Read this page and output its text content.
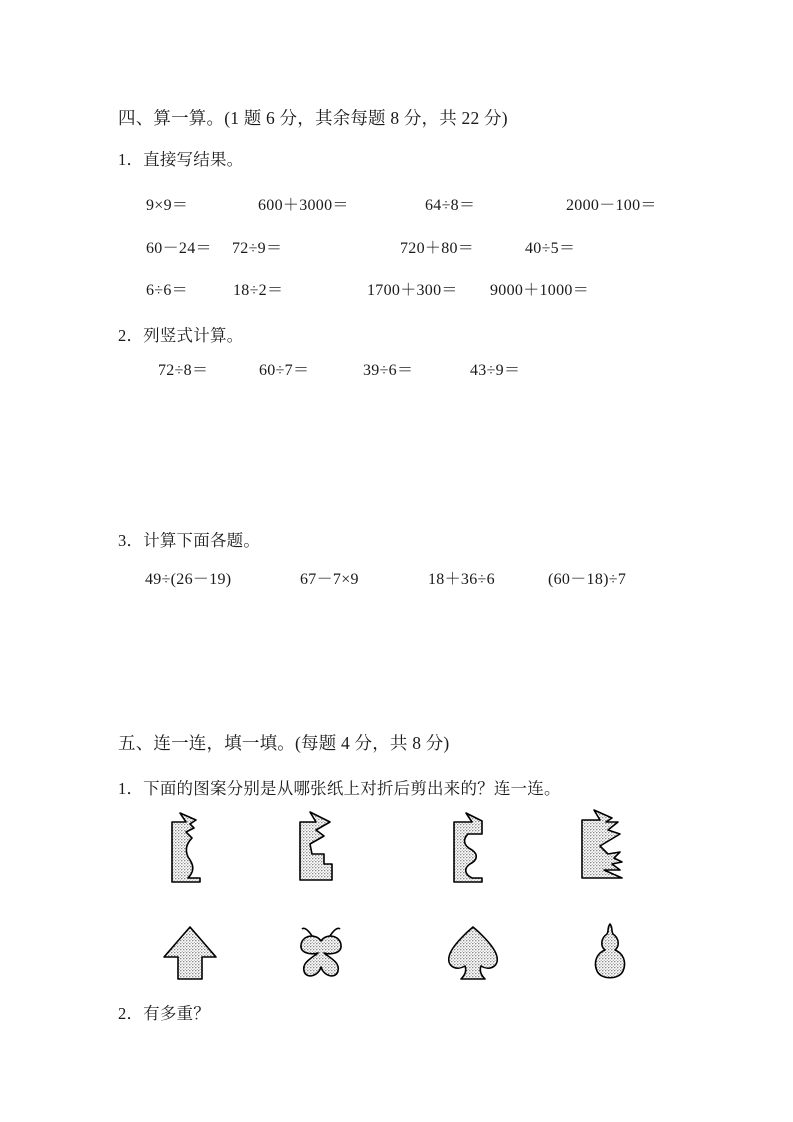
四、算一算。(1 题 6 分，其余每题 8 分，共 22 分)
1．直接写结果。
9×9＝	600＋3000＝	64÷8＝	2000－100＝
60－24＝ 72÷9＝	720＋80＝	40÷5＝
6÷6＝	18÷2＝	1700＋300＝ 9000＋1000＝
2．列竖式计算。
72÷8＝	60÷7＝	39÷6＝	43÷9＝
3．计算下面各题。
49÷(26－19)	67－7×9	18＋36÷6	(60－18)÷7
五、连一连，填一填。(每题 4 分，共 8 分)
1．下面的图案分别是从哪张纸上对折后剪出来的？连一连。
2．有多重？
